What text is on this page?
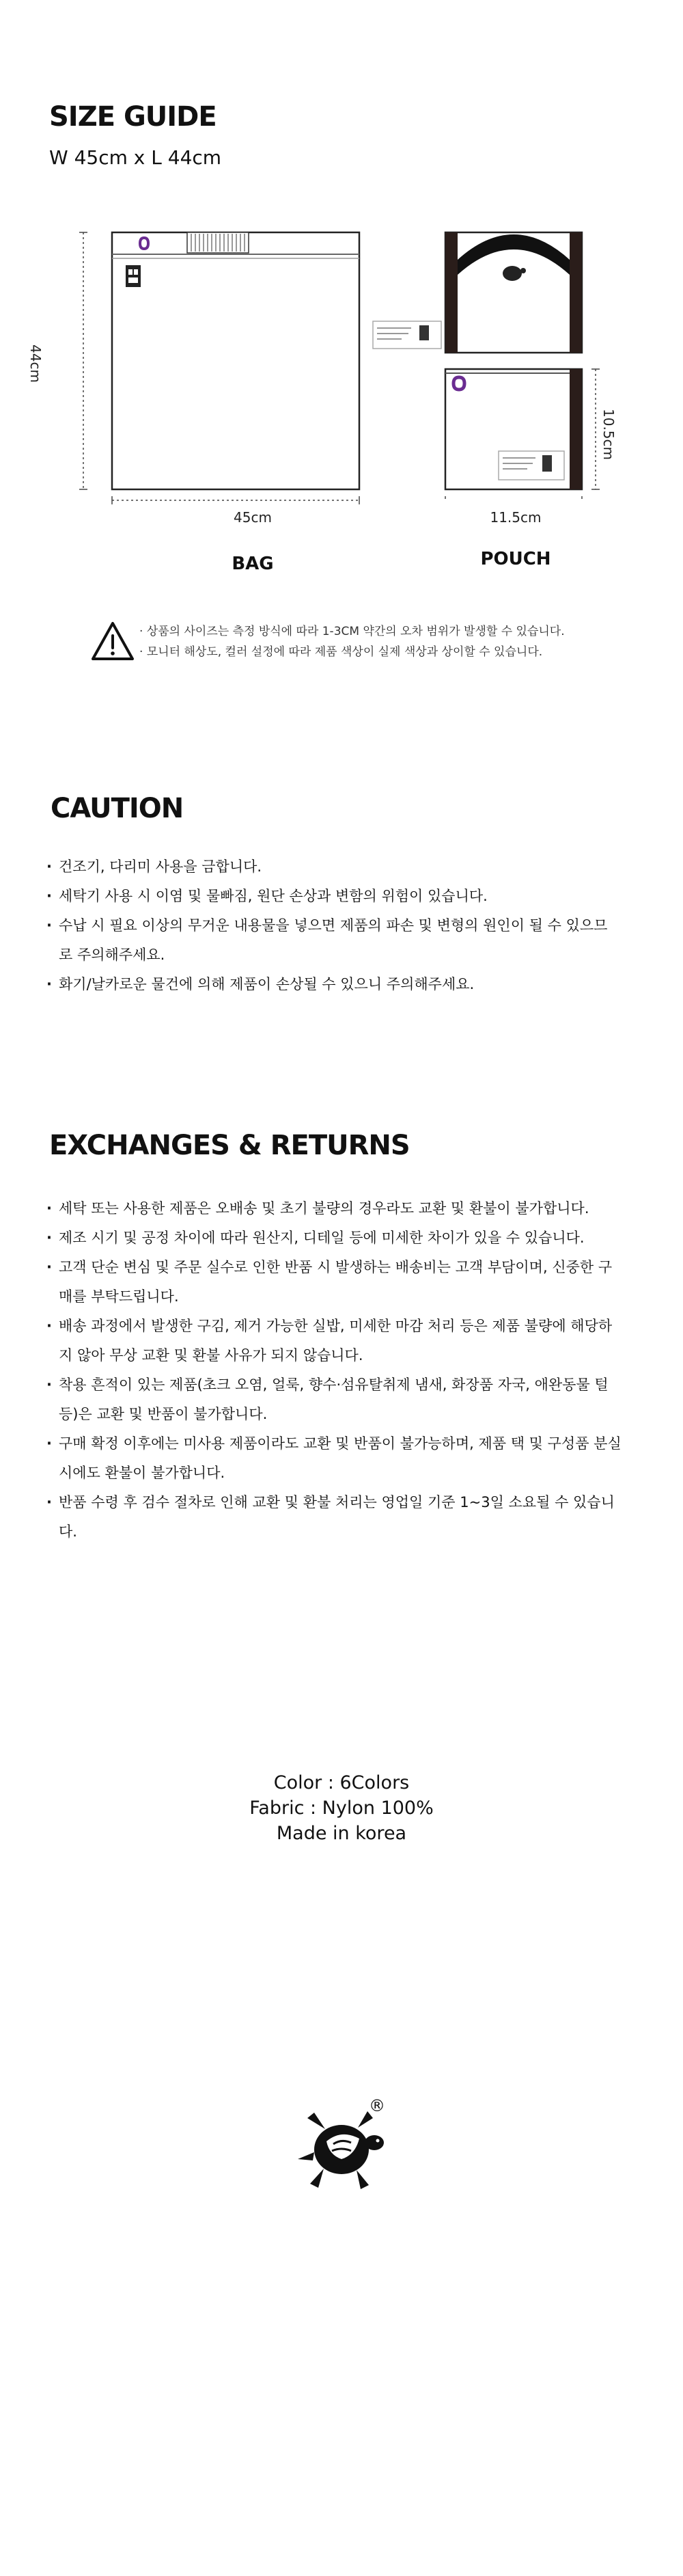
SIZE GUIDE
W 45cm x L 44cm
44cm
45cm
BAG
10.5cm
11.5cm
POUCH
· 상품의 사이즈는 측정 방식에 따라 1-3CM 약간의 오차 범위가 발생할 수 있습니다.
· 모니터 해상도, 컬러 설정에 따라 제품 색상이 실제 색상과 상이할 수 있습니다.
CAUTION
· 건조기, 다리미 사용을 금합니다.
· 세탁기 사용 시 이염 및 물빠짐, 원단 손상과 변함의 위험이 있습니다.
· 수납 시 필요 이상의 무거운 내용물을 넣으면 제품의 파손 및 변형의 원인이 될 수 있으므로 주의해주세요.
· 화기/날카로운 물건에 의해 제품이 손상될 수 있으니 주의해주세요.
EXCHANGES & RETURNS
· 세탁 또는 사용한 제품은 오배송 및 초기 불량의 경우라도 교환 및 환불이 불가합니다.
· 제조 시기 및 공정 차이에 따라 원산지, 디테일 등에 미세한 차이가 있을 수 있습니다.
· 고객 단순 변심 및 주문 실수로 인한 반품 시 발생하는 배송비는 고객 부담이며, 신중한 구매를 부탁드립니다.
· 배송 과정에서 발생한 구김, 제거 가능한 실밥, 미세한 마감 처리 등은 제품 불량에 해당하지 않아 무상 교환 및 환불 사유가 되지 않습니다.
· 착용 흔적이 있는 제품(초크 오염, 얼룩, 향수·섬유탈취제 냄새, 화장품 자국, 애완동물 털 등)은 교환 및 반품이 불가합니다.
· 구매 확정 이후에는 미사용 제품이라도 교환 및 반품이 불가능하며, 제품 택 및 구성품 분실 시에도 환불이 불가합니다.
· 반품 수령 후 검수 절차로 인해 교환 및 환불 처리는 영업일 기준 1~3일 소요될 수 있습니다.
Color : 6Colors
Fabric : Nylon 100%
Made in korea
®
